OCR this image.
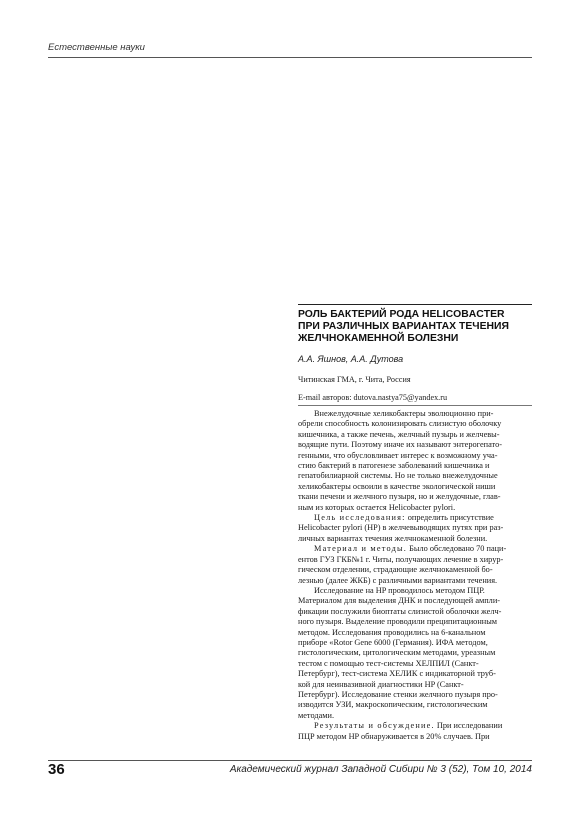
Естественные науки
РОЛЬ БАКТЕРИЙ РОДА HELICOBACTER
ПРИ РАЗЛИЧНЫХ ВАРИАНТАХ ТЕЧЕНИЯ
ЖЕЛЧНОКАМЕННОЙ БОЛЕЗНИ
А.А. Яшнов, А.А. Дутова
Читинская ГМА, г. Чита, Россия
E-mail авторов: dutova.nastya75@yandex.ru
Внежелудочные хеликобактеры эволюционно при-
обрели способность колонизировать слизистую оболочку
кишечника, а также печень, желчный пузырь и желчевы-
водящие пути. Поэтому иначе их называют энтерогепато-
генными, что обусловливает интерес к возможному уча-
стию бактерий в патогенезе заболеваний кишечника и
гепатобилиарной системы. Но не только внежелудочные
хеликобактеры освоили в качестве экологической ниши
ткани печени и желчного пузыря, но и желудочные, глав-
ным из которых остается Helicobacter pylori.
Цель исследования: определить присутствие
Helicobacter pylori (HP) в желчевыводящих путях при раз-
личных вариантах течения желчнокаменной болезни.
Материал и методы. Было обследовано 70 паци-
ентов ГУЗ ГКБ№1 г. Читы, получающих лечение в хирур-
гическом отделении, страдающие желчнокаменной бо-
лезнью (далее ЖКБ) с различными вариантами течения.
Исследование на HP проводилось методом ПЦР.
Материалом для выделения ДНК и последующей ампли-
фикации послужили биоптаты слизистой оболочки желч-
ного пузыря. Выделение проводили преципитационным
методом. Исследования проводились на 6-канальном
приборе «Rotor Gene 6000 (Германия). ИФА методом,
гистологическим, цитологическим методами, уреазным
тестом с помощью тест-системы ХЕЛПИЛ (Санкт-
Петербург), тест-система ХЕЛИК с индикаторной труб-
кой для неинвазивной диагностики HP (Санкт-
Петербург). Исследование стенки желчного пузыря про-
изводится УЗИ, макроскопическим, гистологическим
методами.
Результаты и обсуждение. При исследовании
ПЦР методом HP обнаруживается в 20% случаев. При
36	Академический журнал Западной Сибири № 3 (52), Том 10, 2014
